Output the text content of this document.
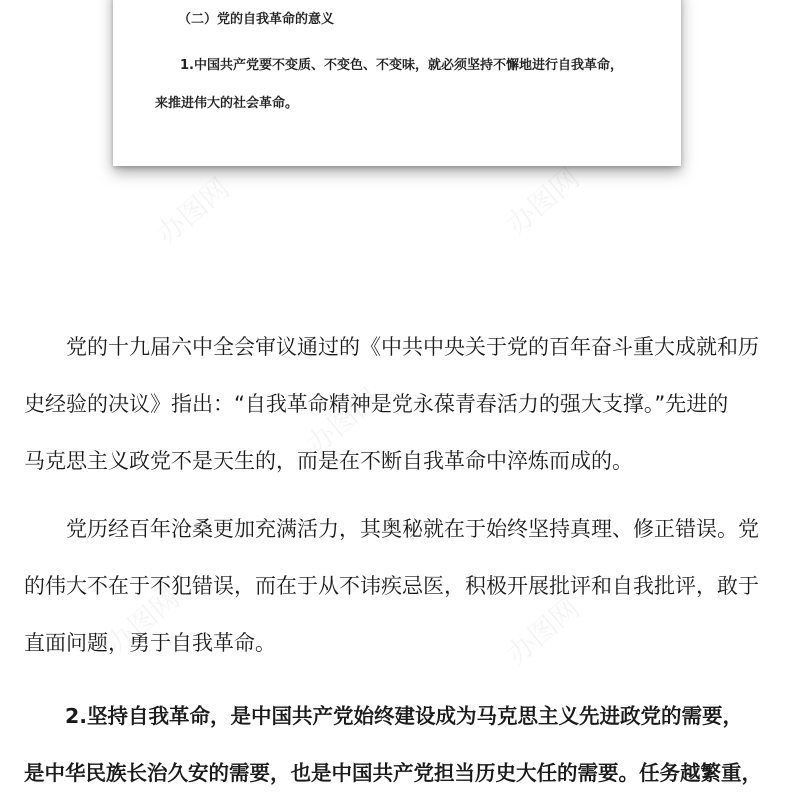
（二）党的自我革命的意义
1.中国共产党要不变质、不变色、不变味，就必须坚持不懈地进行自我革命，
来推进伟大的社会革命。

　　党的十九届六中全会审议通过的《中共中央关于党的百年奋斗重大成就和历
史经验的决议》指出：“自我革命精神是党永葆青春活力的强大支撑。”先进的
马克思主义政党不是天生的，而是在不断自我革命中淬炼而成的。

　　党历经百年沧桑更加充满活力，其奥秘就在于始终坚持真理、修正错误。党
的伟大不在于不犯错误，而在于从不讳疾忌医，积极开展批评和自我批评，敢于
直面问题，勇于自我革命。

　　2.坚持自我革命，是中国共产党始终建设成为马克思主义先进政党的需要，
是中华民族长治久安的需要，也是中国共产党担当历史大任的需要。任务越繁重，
